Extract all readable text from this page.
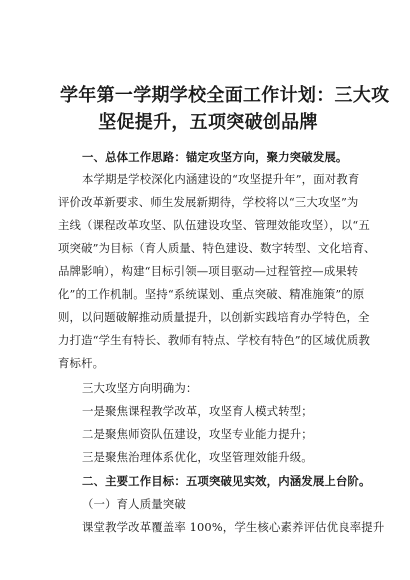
学年第一学期学校全面工作计划：三大攻
坚促提升，五项突破创品牌
一、总体工作思路：锚定攻坚方向，聚力突破发展。
本学期是学校深化内涵建设的“攻坚提升年”，面对教育
评价改革新要求、师生发展新期待，学校将以“三大攻坚”为
主线（课程改革攻坚、队伍建设攻坚、管理效能攻坚），以“五
项突破”为目标（育人质量、特色建设、数字转型、文化培育、
品牌影响），构建“目标引领—项目驱动—过程管控—成果转
化”的工作机制。坚持“系统谋划、重点突破、精准施策”的原
则，以问题破解推动质量提升，以创新实践培育办学特色，全
力打造“学生有特长、教师有特点、学校有特色”的区域优质教
育标杆。
三大攻坚方向明确为：
一是聚焦课程教学改革，攻坚育人模式转型；
二是聚焦师资队伍建设，攻坚专业能力提升；
三是聚焦治理体系优化，攻坚管理效能升级。
二、主要工作目标：五项突破见实效，内涵发展上台阶。
（一）育人质量突破
课堂教学改革覆盖率 100%，学生核心素养评估优良率提升
